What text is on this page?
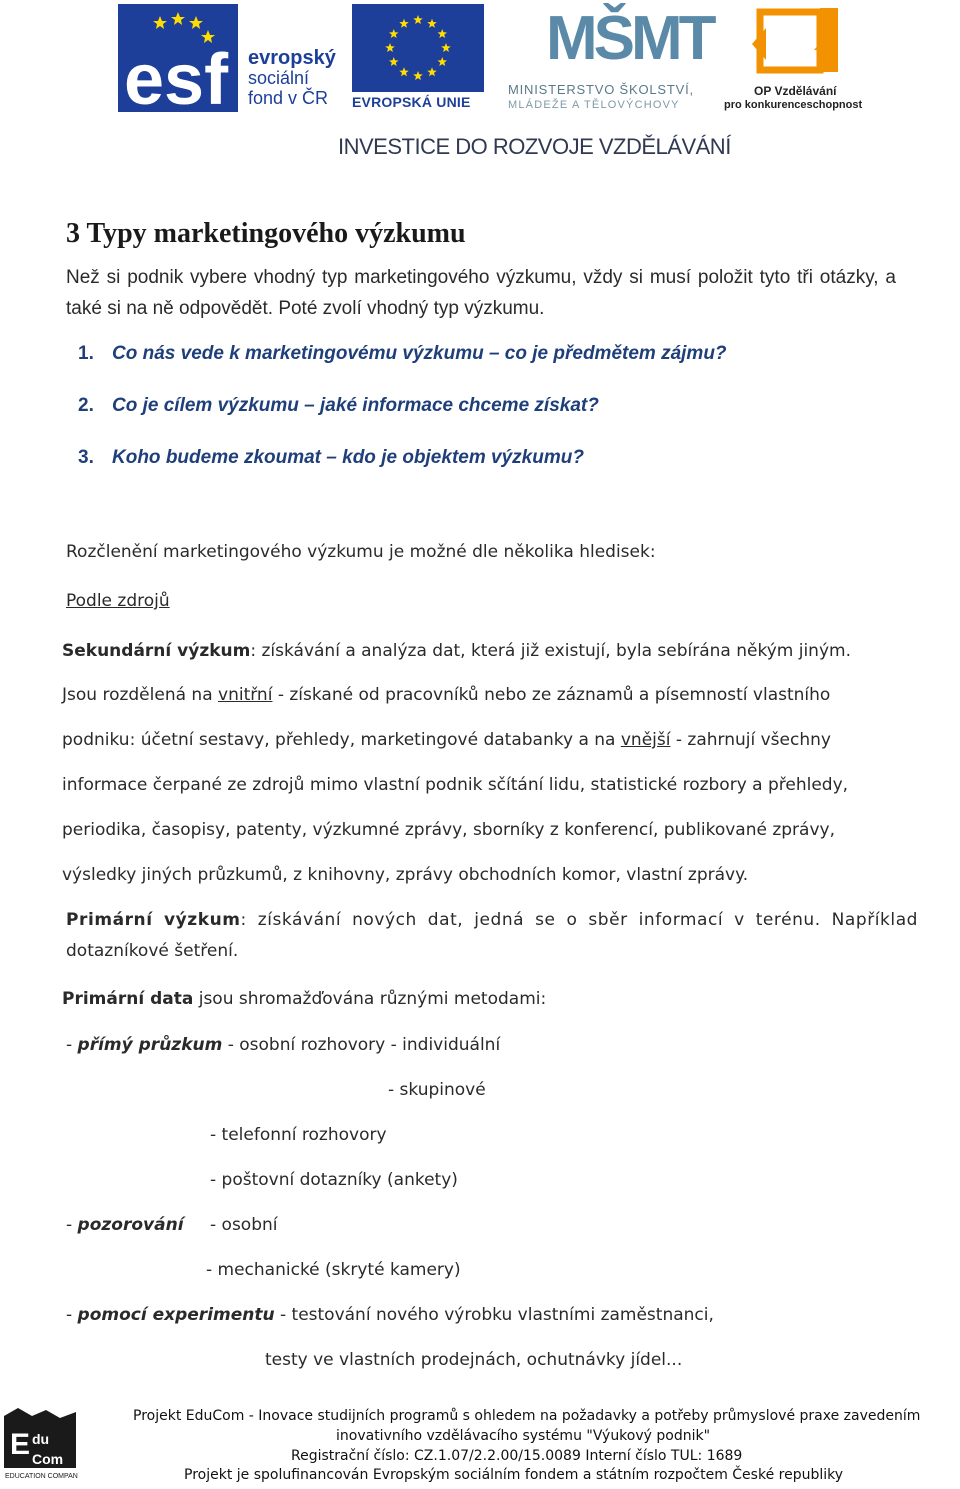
esf evropský
sociální
fond v ČR	EVROPSKÁ UNIE
MŠMT
MINISTERSTVO ŠKOLSTVÍ,
MLÁDEŽE A TĚLOVÝCHOVY
2007-13
OP Vzdělávání
pro konkurenceschopnost
INVESTICE DO ROZVOJE VZDĚLÁVÁNÍ
3 Typy marketingového výzkumu
Než si podnik vybere vhodný typ marketingového výzkumu, vždy si musí položit tyto tři otázky, a také si na ně odpovědět. Poté zvolí vhodný typ výzkumu.
1. Co nás vede k marketingovému výzkumu – co je předmětem zájmu?
2. Co je cílem výzkumu – jaké informace chceme získat?
3. Koho budeme zkoumat – kdo je objektem výzkumu?
Rozčlenění marketingového výzkumu je možné dle několika hledisek:
Podle zdrojů
Sekundární výzkum: získávání a analýza dat, která již existují, byla sebírána někým jiným.
Jsou rozdělená na vnitřní - získané od pracovníků nebo ze záznamů a písemností vlastního
podniku: účetní sestavy, přehledy, marketingové databanky a na vnější - zahrnují všechny
informace čerpané ze zdrojů mimo vlastní podnik sčítání lidu, statistické rozbory a přehledy,
periodika, časopisy, patenty, výzkumné zprávy, sborníky z konferencí, publikované zprávy,
výsledky jiných průzkumů, z knihovny, zprávy obchodních komor, vlastní zprávy.
Primární výzkum: získávání nových dat, jedná se o sběr informací v terénu. Například
dotazníkové šetření.
Primární data jsou shromažďována různými metodami:
- přímý průzkum - osobní rozhovory - individuální
- skupinové
- telefonní rozhovory
- poštovní dotazníky (ankety)
- pozorování - osobní
- mechanické (skryté kamery)
- pomocí experimentu - testování nového výrobku vlastními zaměstnanci,
testy ve vlastních prodejnách, ochutnávky jídel...
E du
Com
EDUCATION COMPANY
Projekt EduCom - Inovace studijních programů s ohledem na požadavky a potřeby průmyslové praxe zavedením
inovativního vzdělávacího systému "Výukový podnik"
Registrační číslo: CZ.1.07/2.2.00/15.0089 Interní číslo TUL: 1689
Projekt je spolufinancován Evropským sociálním fondem a státním rozpočtem České republiky
